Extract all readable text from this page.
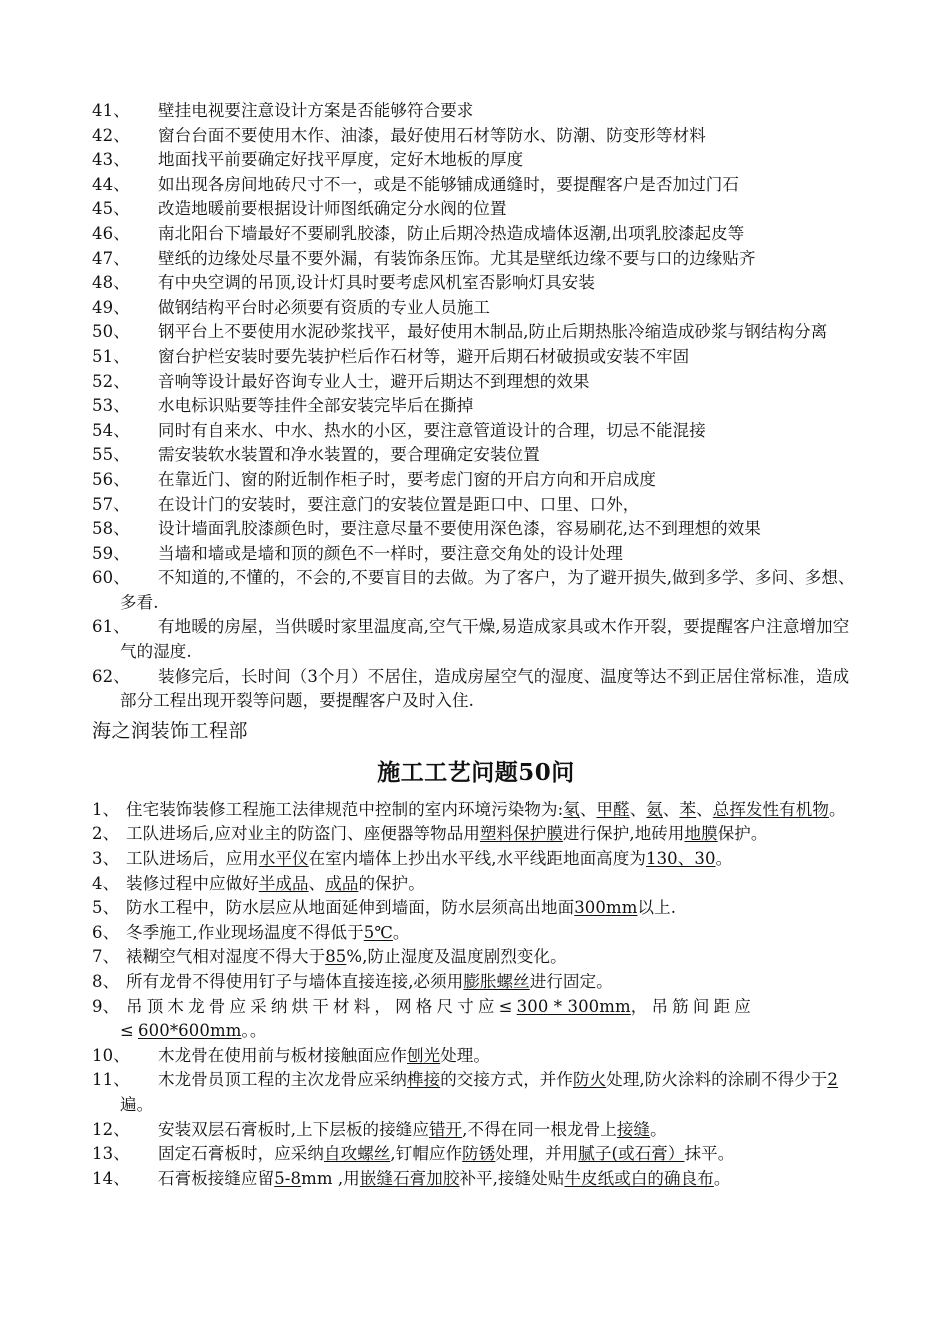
41、	壁挂电视要注意设计方案是否能够符合要求
42、	窗台台面不要使用木作、油漆，最好使用石材等防水、防潮、防变形等材料
43、	地面找平前要确定好找平厚度，定好木地板的厚度
44、	如出现各房间地砖尺寸不一，或是不能够铺成通缝时，要提醒客户是否加过门石
45、	改造地暖前要根据设计师图纸确定分水阀的位置
46、	南北阳台下墙最好不要刷乳胶漆，防止后期冷热造成墙体返潮,出项乳胶漆起皮等
47、	壁纸的边缘处尽量不要外漏，有装饰条压饰。尤其是壁纸边缘不要与口的边缘贴齐
48、	有中央空调的吊顶,设计灯具时要考虑风机室否影响灯具安装
49、	做钢结构平台时必须要有资质的专业人员施工
50、 钢平台上不要使用水泥砂浆找平，最好使用木制品,防止后期热胀冷缩造成砂浆与钢结构分离
51、	窗台护栏安装时要先装护栏后作石材等，避开后期石材破损或安装不牢固
52、	音响等设计最好咨询专业人士，避开后期达不到理想的效果
53、	水电标识贴要等挂件全部安装完毕后在撕掉
54、	同时有自来水、中水、热水的小区，要注意管道设计的合理，切忌不能混接
55、	需安装软水装置和净水装置的，要合理确定安装位置
56、	在靠近门、窗的附近制作柜子时，要考虑门窗的开启方向和开启成度
57、	在设计门的安装时，要注意门的安装位置是距口中、口里、口外，
58、	设计墙面乳胶漆颜色时，要注意尽量不要使用深色漆，容易刷花,达不到理想的效果
59、	当墙和墙或是墙和顶的颜色不一样时，要注意交角处的设计处理
60、 不知道的,不懂的，不会的,不要盲目的去做。为了客户，为了避开损失,做到多学、多问、多想、多看.
61、 有地暖的房屋，当供暖时家里温度高,空气干燥,易造成家具或木作开裂，要提醒客户注意增加空气的湿度.
62、 装修完后，长时间（3个月）不居住，造成房屋空气的湿度、温度等达不到正居住常标准，造成部分工程出现开裂等问题，要提醒客户及时入住.
海之润装饰工程部
施工工艺问题50问
1、 住宅装饰装修工程施工法律规范中控制的室内环境污染物为:氡、甲醛、氨、苯、总挥发性有机物。
2、 工队进场后,应对业主的防盗门、座便器等物品用塑料保护膜进行保护,地砖用地膜保护。
3、 工队进场后，应用水平仪在室内墙体上抄出水平线,水平线距地面高度为130、30。
4、 装修过程中应做好半成品、成品的保护。
5、 防水工程中，防水层应从地面延伸到墙面，防水层须高出地面300mm以上.
6、 冬季施工,作业现场温度不得低于5℃。
7、 裱糊空气相对湿度不得大于85%,防止湿度及温度剧烈变化。
8、 所有龙骨不得使用钉子与墙体直接连接,必须用膨胀螺丝进行固定。
9、 吊顶木龙骨应采纳烘干材料，网格尺寸应≤300 * 300mm，吊筋间距应≤600*600mm。。
10、	木龙骨在使用前与板材接触面应作刨光处理。
11、 木龙骨员顶工程的主次龙骨应采纳榫接的交接方式，并作防火处理,防火涂料的涂刷不得少于2遍。
12、	安装双层石膏板时,上下层板的接缝应错开,不得在同一根龙骨上接缝。
13、	固定石膏板时，应采纳自攻螺丝,钉帽应作防锈处理，并用腻子(或石膏）抹平。
14、	石膏板接缝应留5-8mm ,用嵌缝石膏加胶补平,接缝处贴牛皮纸或白的确良布。
